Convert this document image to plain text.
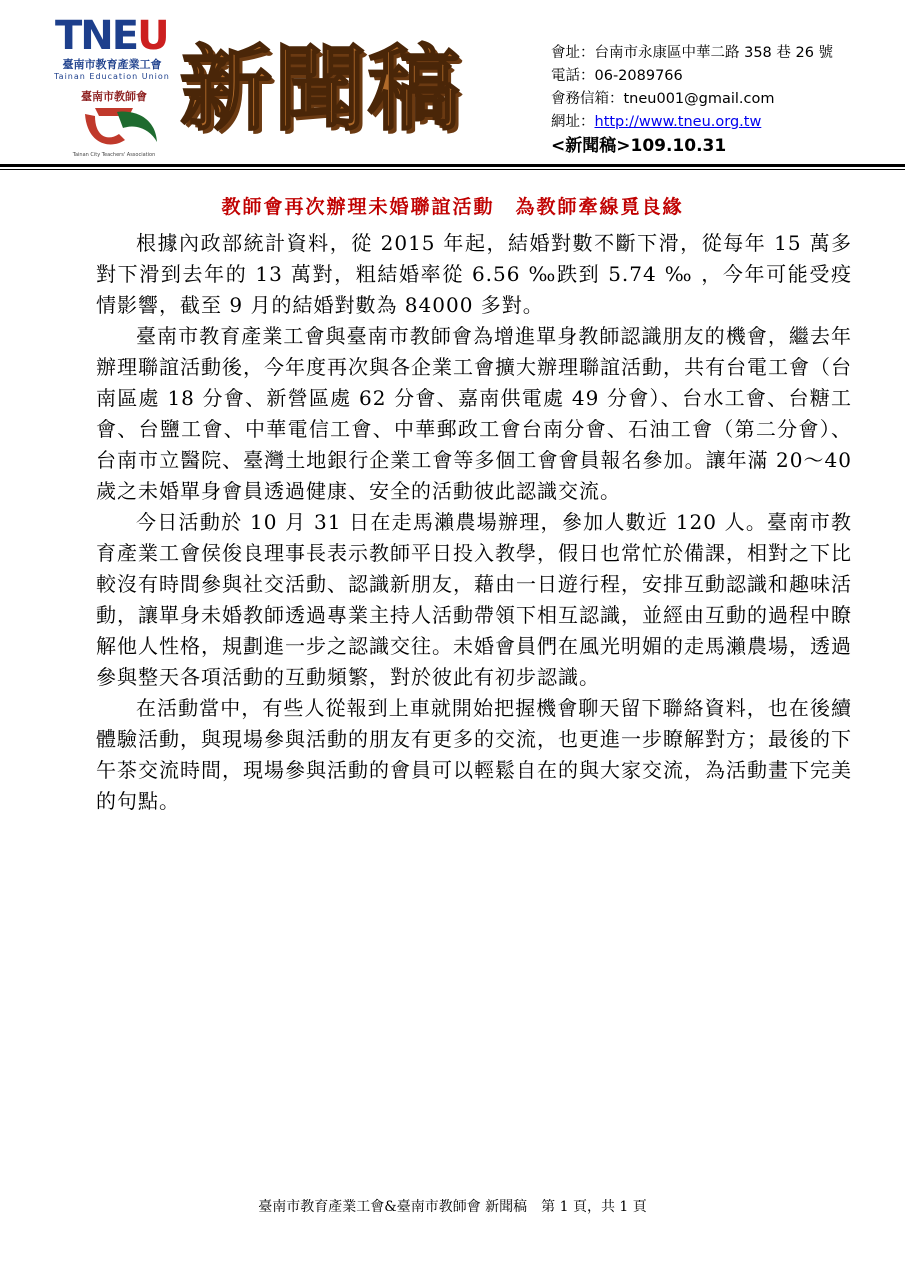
TNEU
臺南市教育產業工會
Tainan Education Union
臺南市教師會
Tainan City Teachers' Association
新聞稿	會址：台南市永康區中華二路 358 巷 26 號
電話：06-2089766
會務信箱：tneu001@gmail.com
網址：http://www.tneu.org.tw
<新聞稿>109.10.31
教師會再次辦理未婚聯誼活動　為教師牽線覓良緣

根據內政部統計資料，從 2015 年起，結婚對數不斷下滑，從每年 15 萬多對下滑到去年的 13 萬對，粗結婚率從 6.56 ‰跌到 5.74 ‰ ，今年可能受疫情影響，截至 9 月的結婚對數為 84000 多對。

臺南市教育產業工會與臺南市教師會為增進單身教師認識朋友的機會，繼去年辦理聯誼活動後，今年度再次與各企業工會擴大辦理聯誼活動，共有台電工會（台南區處 18 分會、新營區處 62 分會、嘉南供電處 49 分會）、台水工會、台糖工會、台鹽工會、中華電信工會、中華郵政工會台南分會、石油工會（第二分會）、台南市立醫院、臺灣土地銀行企業工會等多個工會會員報名參加。讓年滿 20～40 歲之未婚單身會員透過健康、安全的活動彼此認識交流。

今日活動於 10 月 31 日在走馬瀨農場辦理，參加人數近 120 人。臺南市教育產業工會侯俊良理事長表示教師平日投入教學，假日也常忙於備課，相對之下比較沒有時間參與社交活動、認識新朋友，藉由一日遊行程，安排互動認識和趣味活動，讓單身未婚教師透過專業主持人活動帶領下相互認識，並經由互動的過程中瞭解他人性格，規劃進一步之認識交往。未婚會員們在風光明媚的走馬瀨農場，透過參與整天各項活動的互動頻繁，對於彼此有初步認識。

在活動當中，有些人從報到上車就開始把握機會聊天留下聯絡資料，也在後續體驗活動，與現場參與活動的朋友有更多的交流，也更進一步瞭解對方；最後的下午茶交流時間，現場參與活動的會員可以輕鬆自在的與大家交流，為活動畫下完美的句點。

臺南市教育產業工會&臺南市教師會 新聞稿　第 1 頁，共 1 頁
